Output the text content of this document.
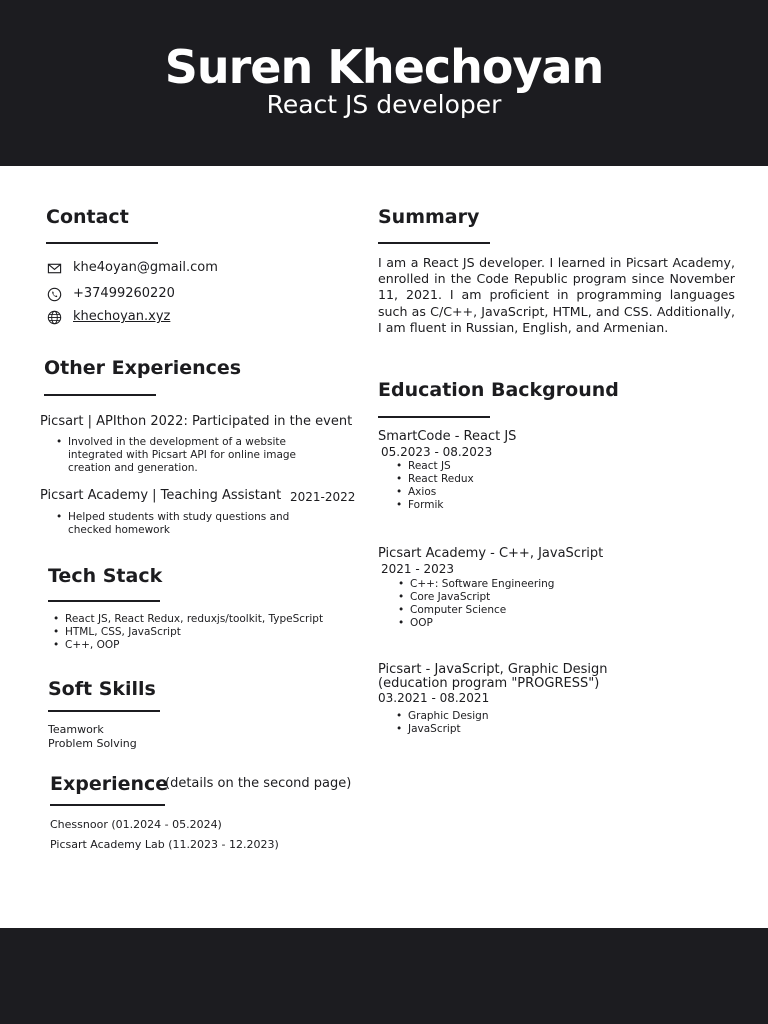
Suren Khechoyan
React JS developer
Contact
khe4oyan@gmail.com
+37499260220
khechoyan.xyz
Other Experiences
Picsart | APIthon 2022: Participated in the event
• Involved in the development of a website
integrated with Picsart API for online image
creation and generation.
Picsart Academy | Teaching Assistant 2021-2022
• Helped students with study questions and
checked homework
Tech Stack
• React JS, React Redux, reduxjs/toolkit, TypeScript
• HTML, CSS, JavaScript
• C++, OOP
Soft Skills
Teamwork
Problem Solving
Experience
(details on the second page)
Chessnoor (01.2024 - 05.2024)
Picsart Academy Lab (11.2023 - 12.2023)
Summary
I am a React JS developer. I learned in Picsart Academy, enrolled in the Code Republic program since November 11, 2021. I am proficient in programming languages such as C/C++, JavaScript, HTML, and CSS. Additionally, I am fluent in Russian, English, and Armenian.
Education Background
SmartCode - React JS
05.2023 - 08.2023
• React JS
• React Redux
• Axios
• Formik
Picsart Academy - C++, JavaScript
2021 - 2023
• C++: Software Engineering
• Core JavaScript
• Computer Science
• OOP
Picsart - JavaScript, Graphic Design
(education program "PROGRESS")
03.2021 - 08.2021
• Graphic Design
• JavaScript
